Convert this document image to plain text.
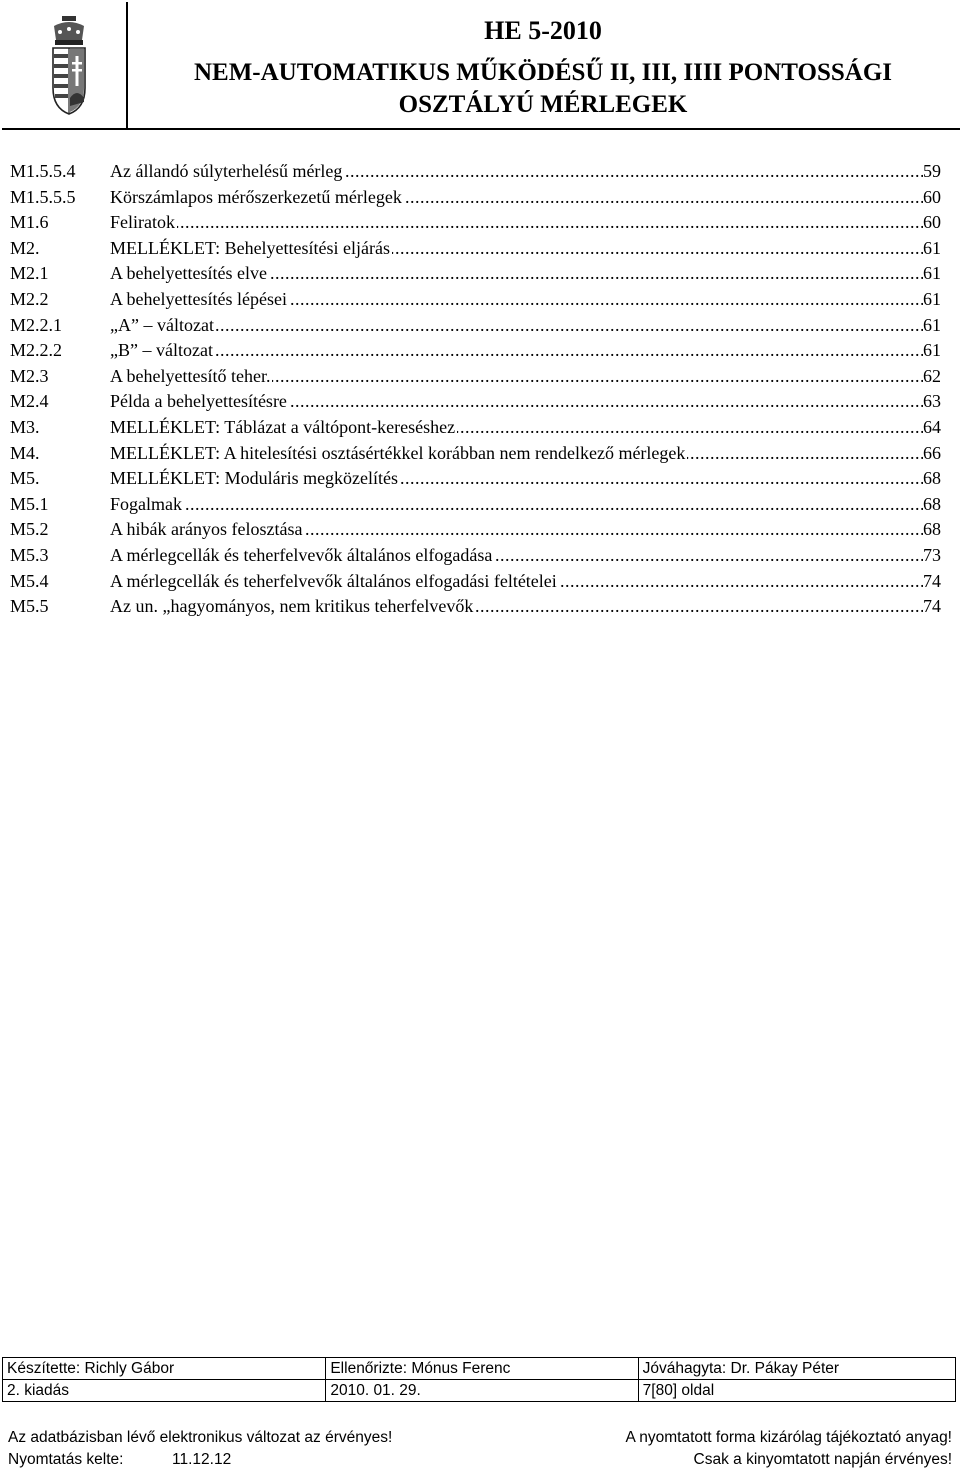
HE 5-2010
NEM-AUTOMATIKUS MŰKÖDÉSŰ II, III, IIII PONTOSSÁGI
OSZTÁLYÚ MÉRLEGEK
M1.5.5.4 Az állandó súlyterhelésű mérleg .....	59
M1.5.5.5 Körszámlapos mérőszerkezetű mérlegek .....	60
M1.6	Feliratok .....	60
M2.	MELLÉKLET: Behelyettesítési eljárás .....	61
M2.1	A behelyettesítés elve .....	61
M2.2	A behelyettesítés lépései .....	61
M2.2.1	„A” – változat .....	61
M2.2.2	„B” – változat .....	61
M2.3	A behelyettesítő teher. .....	62
M2.4	Példa a behelyettesítésre .....	63
M3.	MELLÉKLET: Táblázat a váltópont-kereséshez .....	64
M4.	MELLÉKLET: A hitelesítési osztásértékkel korábban nem rendelkező mérlegek .....	66
M5.	MELLÉKLET: Moduláris megközelítés .....	68
M5.1	Fogalmak .....	68
M5.2	A hibák arányos felosztása .....	68
M5.3	A mérlegcellák és teherfelvevők általános elfogadása .....	73
M5.4	A mérlegcellák és teherfelvevők általános elfogadási feltételei .....	74
M5.5	Az un. „hagyományos, nem kritikus teherfelvevők .....	74
Készítette: Richly Gábor	Ellenőrizte: Mónus Ferenc	Jóváhagyta: Dr. Pákay Péter
2. kiadás	2010. 01. 29.	7[80] oldal
Az adatbázisban lévő elektronikus változat az érvényes!	A nyomtatott forma kizárólag tájékoztató anyag!
Nyomtatás kelte:	11.12.12	Csak a kinyomtatott napján érvényes!
